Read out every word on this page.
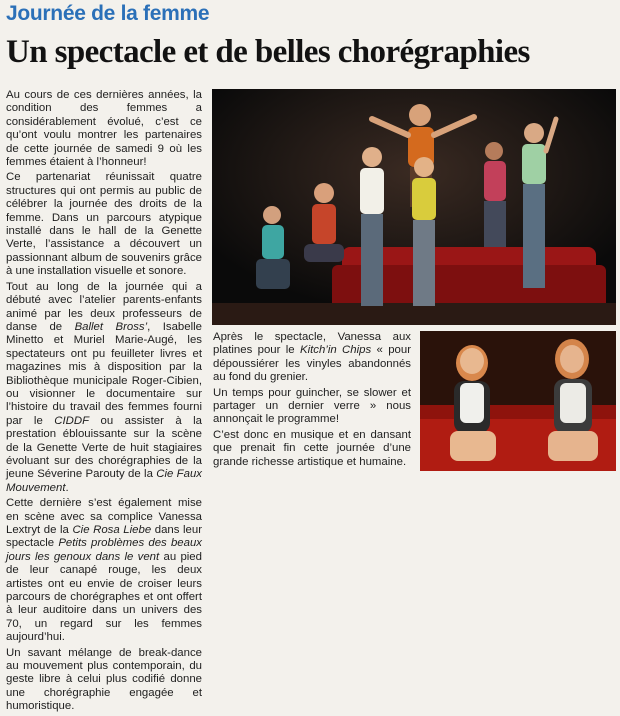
Journée de la femme
Un spectacle et de belles chorégraphies

Au cours de ces dernières années, la condition des femmes a considérablement évolué, c’est ce qu’ont voulu montrer les partenaires de cette journée de samedi 9 où les femmes étaient à l’honneur!

Ce partenariat réunissait quatre structures qui ont permis au public de célébrer la journée des droits de la femme. Dans un parcours atypique installé dans le hall de la Genette Verte, l’assistance a découvert un passionnant album de souvenirs grâce à une installation visuelle et sonore.

Tout au long de la journée qui a débuté avec l’atelier parents-enfants animé par les deux professeurs de danse de Ballet Bross’, Isabelle Minetto et Muriel Marie-Augé, les spectateurs ont pu feuilleter livres et magazines mis à disposition par la Bibliothèque municipale Roger-Cibien, ou visionner le documentaire sur l’histoire du travail des femmes fourni par le CIDDF ou assister à la prestation éblouissante sur la scène de la Genette Verte de huit stagiaires évoluant sur des chorégraphies de la jeune Séverine Parouty de la Cie Faux Mouvement.

Cette dernière s’est également mise en scène avec sa complice Vanessa Lextryt de la Cie Rosa Liebe dans leur spectacle Petits problèmes des beaux jours les genoux dans le vent au pied de leur canapé rouge, les deux artistes ont eu envie de croiser leurs parcours de chorégraphes et ont offert à leur auditoire dans un univers des 70, un regard sur les femmes aujourd’hui.

Un savant mélange de break-dance au mouvement plus contemporain, du geste libre à celui plus codifié donne une chorégraphie engagée et humoristique.

Après le spectacle, Vanessa aux platines pour le Kitch’in Chips « pour dépoussiérer les vinyles abandonnés au fond du grenier.

Un temps pour guincher, se slower et partager un dernier verre » nous annonçait le programme!

C’est donc en musique et en dansant que prenait fin cette journée d’une grande richesse artistique et humaine.
